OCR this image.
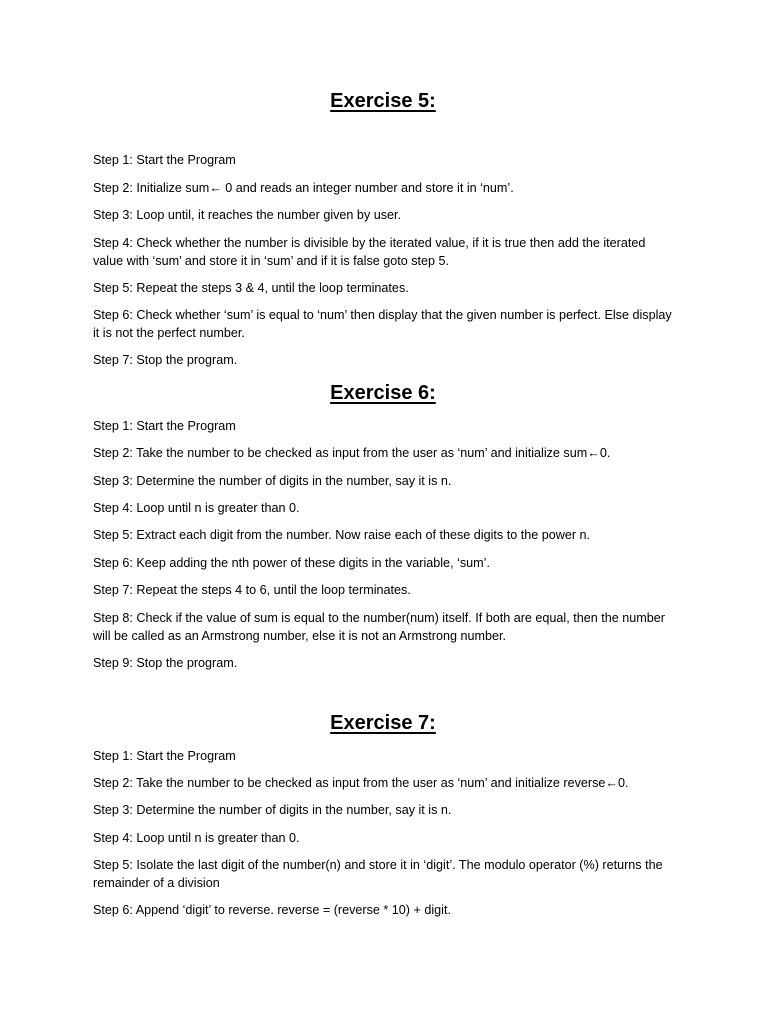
Exercise 5:

Step 1: Start the Program

Step 2: Initialize sum← 0 and reads an integer number and store it in ‘num’.

Step 3: Loop until, it reaches the number given by user.

Step 4: Check whether the number is divisible by the iterated value, if it is true then add the iterated value with ‘sum’ and store it in ‘sum’ and if it is false goto step 5.

Step 5: Repeat the steps 3 & 4, until the loop terminates.

Step 6: Check whether ‘sum’ is equal to ‘num’ then display that the given number is perfect. Else display it is not the perfect number.

Step 7: Stop the program.

Exercise 6:

Step 1: Start the Program

Step 2: Take the number to be checked as input from the user as ‘num’ and initialize sum←0.

Step 3: Determine the number of digits in the number, say it is n.

Step 4: Loop until n is greater than 0.

Step 5: Extract each digit from the number. Now raise each of these digits to the power n.

Step 6: Keep adding the nth power of these digits in the variable, ‘sum’.

Step 7: Repeat the steps 4 to 6, until the loop terminates.

Step 8: Check if the value of sum is equal to the number(num) itself. If both are equal, then the number will be called as an Armstrong number, else it is not an Armstrong number.

Step 9: Stop the program.

Exercise 7:

Step 1: Start the Program

Step 2: Take the number to be checked as input from the user as ‘num’ and initialize reverse←0.

Step 3: Determine the number of digits in the number, say it is n.

Step 4: Loop until n is greater than 0.

Step 5: Isolate the last digit of the number(n) and store it in ‘digit’. The modulo operator (%) returns the remainder of a division

Step 6: Append ‘digit’ to reverse. reverse = (reverse * 10) + digit.
